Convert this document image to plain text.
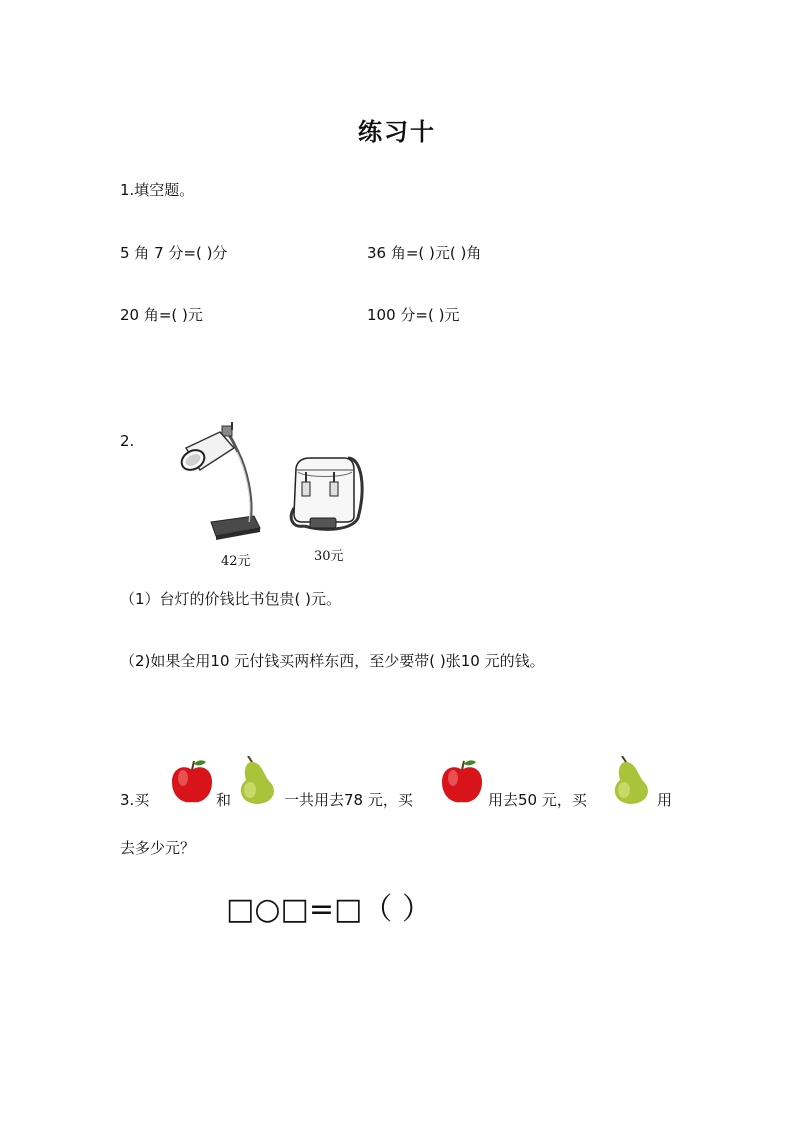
练习十
1.填空题。
5 角 7 分=( )分	36 角=( )元( )角
20 角=( )元	100 分=( )元
2.
42元	30元
（1）台灯的价钱比书包贵( )元。
（2)如果全用10 元付钱买两样东西，至少要带( )张10 元的钱。
3.买	和	一共用去78 元，买	用去50 元，买	用
去多少元？
□○□=□（ ）
